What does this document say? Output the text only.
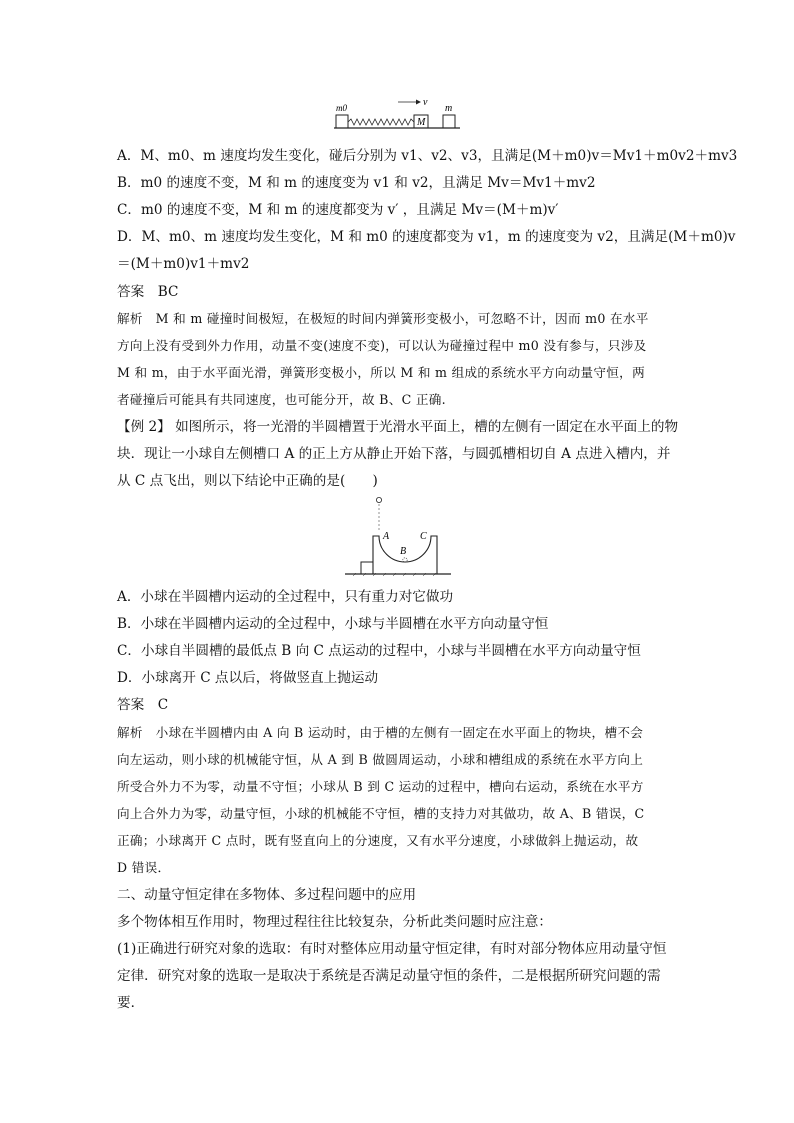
m0
M
v
m
A．M、m0、m 速度均发生变化，碰后分别为 v1、v2、v3，且满足(M＋m0)v＝Mv1＋m0v2＋mv3
B．m0 的速度不变，M 和 m 的速度变为 v1 和 v2，且满足 Mv＝Mv1＋mv2
C．m0 的速度不变，M 和 m 的速度都变为 v′ ，且满足 Mv＝(M＋m)v′
D．M、m0、m 速度均发生变化，M 和 m0 的速度都变为 v1，m 的速度变为 v2，且满足(M＋m0)v
＝(M＋m0)v1＋mv2
答案　BC
解析　M 和 m 碰撞时间极短，在极短的时间内弹簧形变极小，可忽略不计，因而 m0 在水平
方向上没有受到外力作用，动量不变(速度不变)，可以认为碰撞过程中 m0 没有参与，只涉及
M 和 m，由于水平面光滑，弹簧形变极小，所以 M 和 m 组成的系统水平方向动量守恒，两
者碰撞后可能具有共同速度，也可能分开，故 B、C 正确.
【例 2】 如图所示，将一光滑的半圆槽置于光滑水平面上，槽的左侧有一固定在水平面上的物
块．现让一小球自左侧槽口 A 的正上方从静止开始下落，与圆弧槽相切自 A 点进入槽内，并
从 C 点飞出，则以下结论中正确的是(　　)
A
B
C
A．小球在半圆槽内运动的全过程中，只有重力对它做功
B．小球在半圆槽内运动的全过程中，小球与半圆槽在水平方向动量守恒
C．小球自半圆槽的最低点 B 向 C 点运动的过程中，小球与半圆槽在水平方向动量守恒
D．小球离开 C 点以后，将做竖直上抛运动
答案　C
解析　小球在半圆槽内由 A 向 B 运动时，由于槽的左侧有一固定在水平面上的物块，槽不会
向左运动，则小球的机械能守恒，从 A 到 B 做圆周运动，小球和槽组成的系统在水平方向上
所受合外力不为零，动量不守恒；小球从 B 到 C 运动的过程中，槽向右运动，系统在水平方
向上合外力为零，动量守恒，小球的机械能不守恒，槽的支持力对其做功，故 A、B 错误，C
正确；小球离开 C 点时，既有竖直向上的分速度，又有水平分速度，小球做斜上抛运动，故
D 错误．
二、动量守恒定律在多物体、多过程问题中的应用
多个物体相互作用时，物理过程往往比较复杂，分析此类问题时应注意：
(1)正确进行研究对象的选取：有时对整体应用动量守恒定律，有时对部分物体应用动量守恒
定律．研究对象的选取一是取决于系统是否满足动量守恒的条件，二是根据所研究问题的需
要．
